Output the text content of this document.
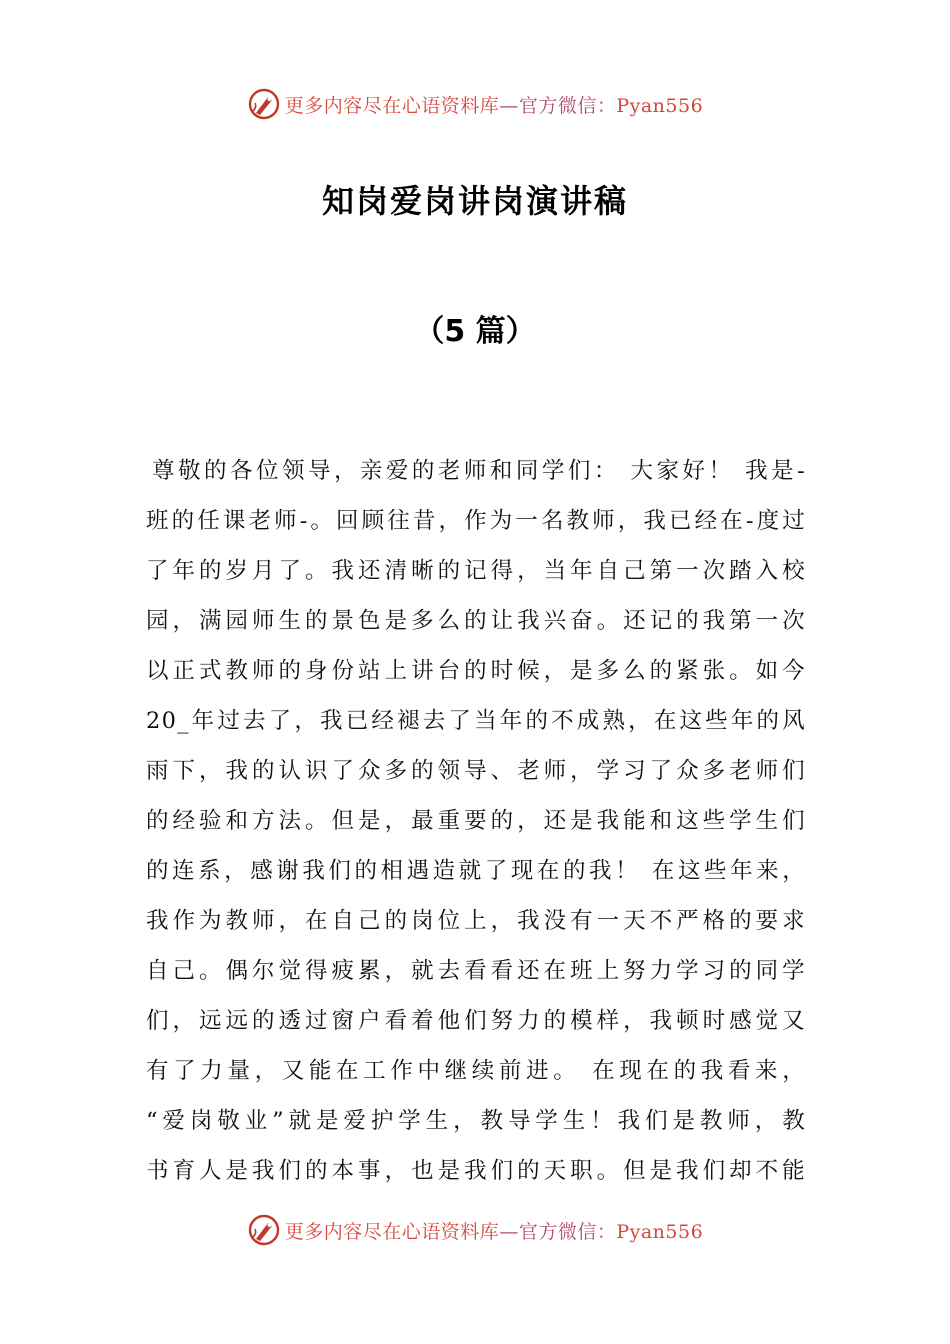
更多内容尽在心语资料库—官方微信：Pyan556
知岗爱岗讲岗演讲稿
（5 篇）
尊敬的各位领导，亲爱的老师和同学们： 大家好！ 我是-
班的任课老师-。回顾往昔，作为一名教师，我已经在-度过
了年的岁月了。我还清晰的记得，当年自己第一次踏入校
园，满园师生的景色是多么的让我兴奋。还记的我第一次
以正式教师的身份站上讲台的时候，是多么的紧张。如今
20_年过去了，我已经褪去了当年的不成熟，在这些年的风
雨下，我的认识了众多的领导、老师，学习了众多老师们
的经验和方法。但是，最重要的，还是我能和这些学生们
的连系，感谢我们的相遇造就了现在的我！ 在这些年来，
我作为教师，在自己的岗位上，我没有一天不严格的要求
自己。偶尔觉得疲累，就去看看还在班上努力学习的同学
们，远远的透过窗户看着他们努力的模样，我顿时感觉又
有了力量，又能在工作中继续前进。 在现在的我看来，
“爱岗敬业”就是爱护学生，教导学生！我们是教师，教
书育人是我们的本事，也是我们的天职。但是我们却不能
更多内容尽在心语资料库—官方微信：Pyan556
